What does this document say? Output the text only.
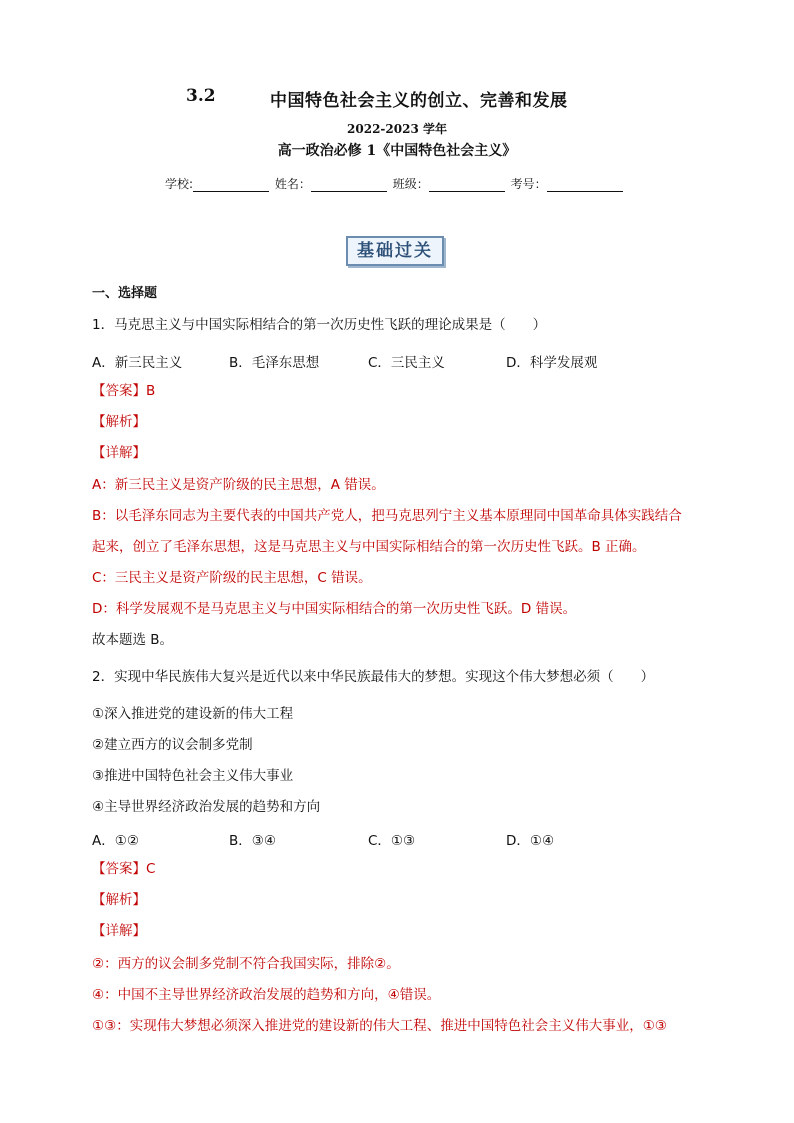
3.2	中国特色社会主义的创立、完善和发展
2022-2023 学年
高一政治必修 1《中国特色社会主义》
学校:	姓名：	班级：	考号：
基础过关
一、选择题
1．马克思主义与中国实际相结合的第一次历史性飞跃的理论成果是（　　）
A．新三民主义	B．毛泽东思想	C．三民主义	D．科学发展观
【答案】B
【解析】
【详解】
A：新三民主义是资产阶级的民主思想，A 错误。
B：以毛泽东同志为主要代表的中国共产党人，把马克思列宁主义基本原理同中国革命具体实践结合
起来，创立了毛泽东思想，这是马克思主义与中国实际相结合的第一次历史性飞跃。B 正确。
C：三民主义是资产阶级的民主思想，C 错误。
D：科学发展观不是马克思主义与中国实际相结合的第一次历史性飞跃。D 错误。
故本题选 B。
2．实现中华民族伟大复兴是近代以来中华民族最伟大的梦想。实现这个伟大梦想必须（　　）
①深入推进党的建设新的伟大工程
②建立西方的议会制多党制
③推进中国特色社会主义伟大事业
④主导世界经济政治发展的趋势和方向
A．①②	B．③④	C．①③	D．①④
【答案】C
【解析】
【详解】
②：西方的议会制多党制不符合我国实际，排除②。
④：中国不主导世界经济政治发展的趋势和方向，④错误。
①③：实现伟大梦想必须深入推进党的建设新的伟大工程、推进中国特色社会主义伟大事业，①③
